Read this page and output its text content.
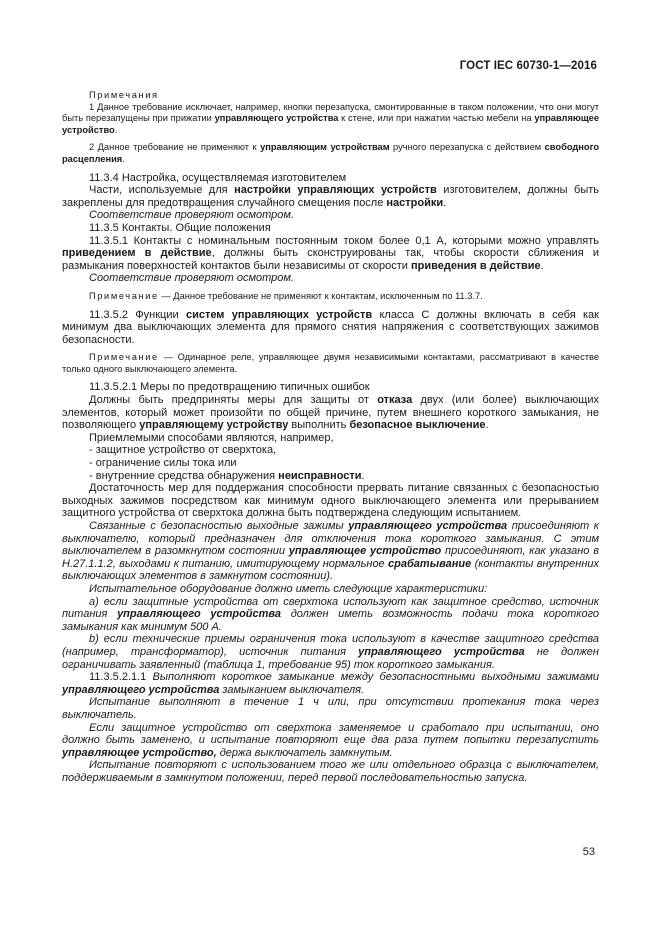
ГОСТ IEC 60730-1—2016

Примечания

1 Данное требование исключает, например, кнопки перезапуска, смонтированные в таком положении, что они могут быть перезапущены при прижатии управляющего устройства к стене, или при нажатии частью мебели на управляющее устройство.

2 Данное требование не применяют к управляющим устройствам ручного перезапуска с действием свободного расцепления.

11.3.4 Настройка, осуществляемая изготовителем

Части, используемые для настройки управляющих устройств изготовителем, должны быть закреплены для предотвращения случайного смещения после настройки.

Соответствие проверяют осмотром.

11.3.5 Контакты. Общие положения

11.3.5.1 Контакты с номинальным постоянным током более 0,1 А, которыми можно управлять приведением в действие, должны быть сконструированы так, чтобы скорости сближения и размыкания поверхностей контактов были независимы от скорости приведения в действие.

Соответствие проверяют осмотром.

Примечание — Данное требование не применяют к контактам, исключенным по 11.3.7.

11.3.5.2 Функции систем управляющих устройств класса С должны включать в себя как минимум два выключающих элемента для прямого снятия напряжения с соответствующих зажимов безопасности.

Примечание — Одинарное реле, управляющее двумя независимыми контактами, рассматривают в качестве только одного выключающего элемента.

11.3.5.2.1 Меры по предотвращению типичных ошибок

Должны быть предприняты меры для защиты от отказа двух (или более) выключающих элементов, который может произойти по общей причине, путем внешнего короткого замыкания, не позволяющего управляющему устройству выполнить безопасное выключение.

Приемлемыми способами являются, например,

- защитное устройство от сверхтока,

- ограничение силы тока или

- внутренние средства обнаружения неисправности.

Достаточность мер для поддержания способности прервать питание связанных с безопасностью выходных зажимов посредством как минимум одного выключающего элемента или прерыванием защитного устройства от сверхтока должна быть подтверждена следующим испытанием.

Связанные с безопасностью выходные зажимы управляющего устройства присоединяют к выключателю, который предназначен для отключения тока короткого замыкания. С этим выключателем в разомкнутом состоянии управляющее устройство присоединяют, как указано в Н.27.1.1.2, выходами к питанию, имитирующему нормальное срабатывание (контакты внутренних выключающих элементов в замкнутом состоянии).

Испытательное оборудование должно иметь следующие характеристики:

а) если защитные устройства от сверхтока используют как защитное средство, источник питания управляющего устройства должен иметь возможность подачи тока короткого замыкания как минимум 500 А.

b) если технические приемы ограничения тока используют в качестве защитного средства (например, трансформатор), источник питания управляющего устройства не должен ограничивать заявленный (таблица 1, требование 95) ток короткого замыкания.

11.3.5.2.1.1 Выполняют короткое замыкание между безопасностными выходными зажимами управляющего устройства замыканием выключателя.

Испытание выполняют в течение 1 ч или, при отсутствии протекания тока через выключатель.

Если защитное устройство от сверхтока заменяемое и сработало при испытании, оно должно быть заменено, и испытание повторяют еще два раза путем попытки перезапустить управляющее устройство, держа выключатель замкнутым.

Испытание повторяют с использованием того же или отдельного образца с выключателем, поддерживаемым в замкнутом положении, перед первой последовательностью запуска.

53
